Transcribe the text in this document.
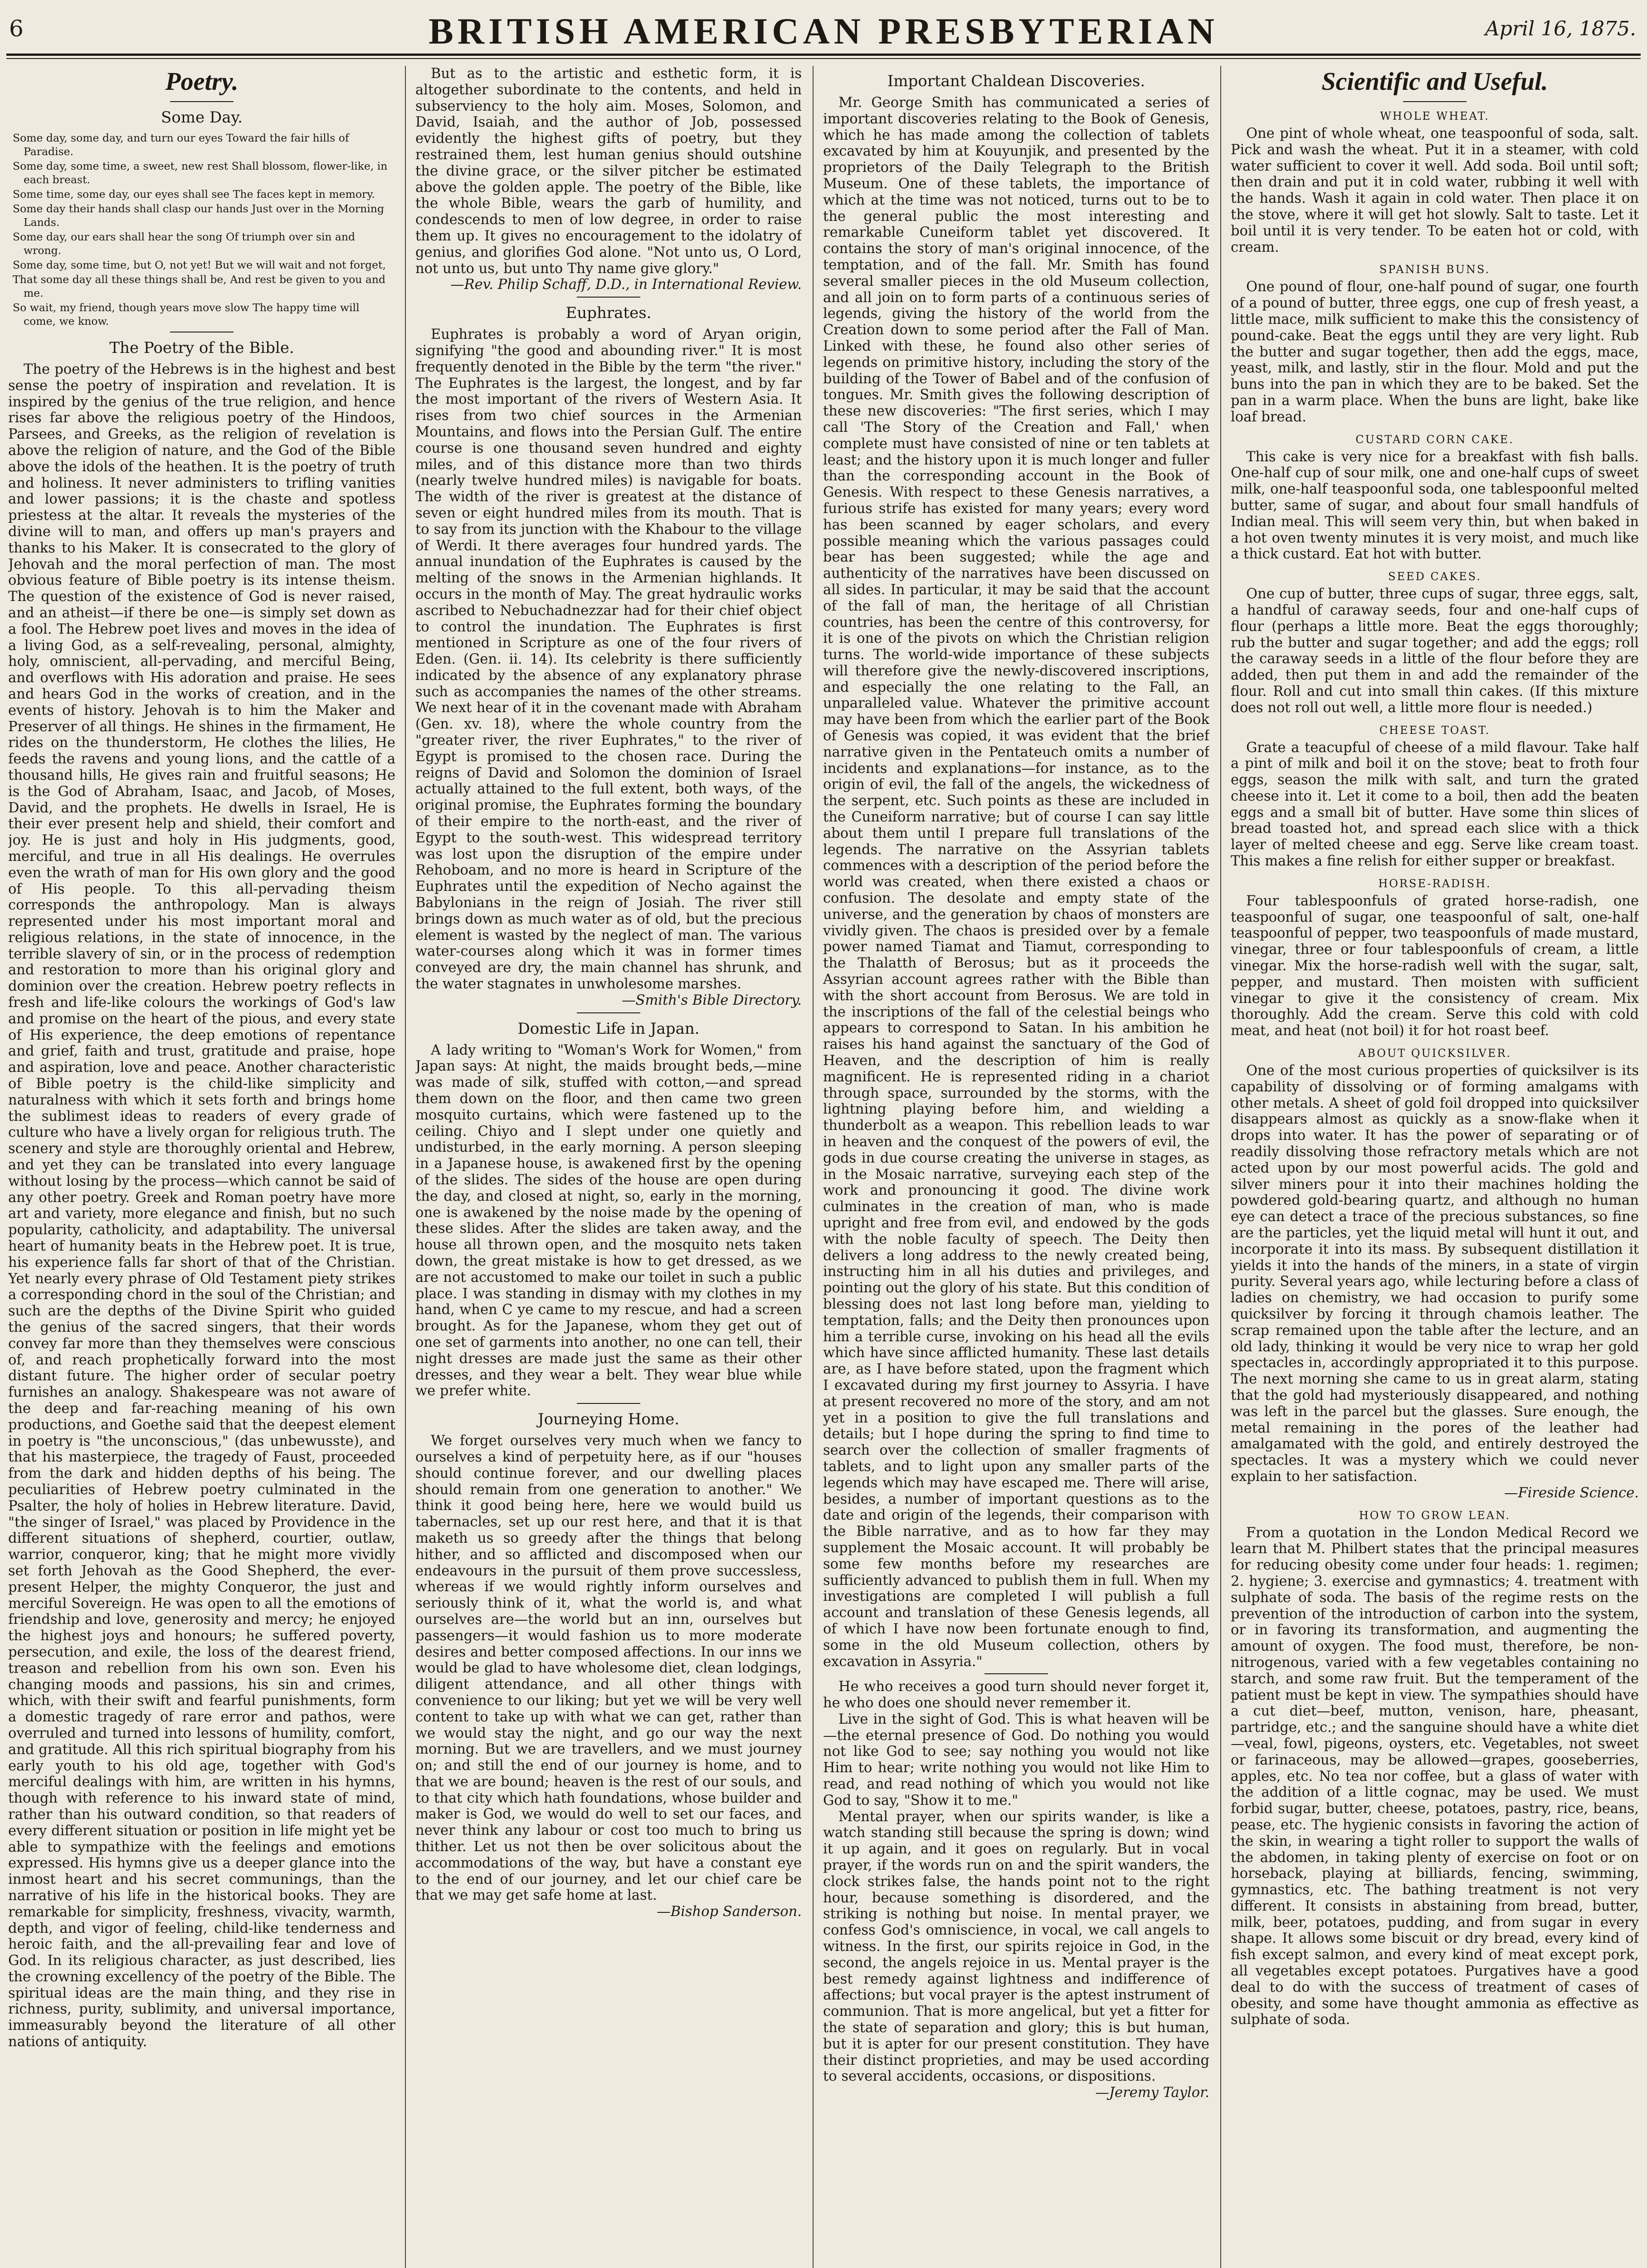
6	BRITISH AMERICAN PRESBYTERIAN	April 16, 1875.
Poetry.
Some Day.
Some day, some day, and turn our eyes Toward the fair hills of Paradise.
Some day, some time, a sweet, new rest Shall blossom, flower-like, in each breast.
Some time, some day, our eyes shall see The faces kept in memory.
Some day their hands shall clasp our hands Just over in the Morning Lands.
Some day, our ears shall hear the song Of triumph over sin and wrong.
Some day, some time, but O, not yet! But we will wait and not forget,
That some day all these things shall be, And rest be given to you and me.
So wait, my friend, though years move slow The happy time will come, we know.
The Poetry of the Bible.

The poetry of the Hebrews is in the highest and best sense the poetry of inspiration and revelation. It is inspired by the genius of the true religion, and hence rises far above the religious poetry of the Hindoos, Parsees, and Greeks, as the religion of revelation is above the religion of nature, and the God of the Bible above the idols of the heathen. It is the poetry of truth and holiness. It never administers to trifling vanities and lower passions; it is the chaste and spotless priestess at the altar. It reveals the mysteries of the divine will to man, and offers up man's prayers and thanks to his Maker. It is consecrated to the glory of Jehovah and the moral perfection of man. The most obvious feature of Bible poetry is its intense theism. The question of the existence of God is never raised, and an atheist—if there be one—is simply set down as a fool. The Hebrew poet lives and moves in the idea of a living God, as a self-revealing, personal, almighty, holy, omniscient, all-pervading, and merciful Being, and overflows with His adoration and praise. He sees and hears God in the works of creation, and in the events of history. Jehovah is to him the Maker and Preserver of all things. He shines in the firmament, He rides on the thunderstorm, He clothes the lilies, He feeds the ravens and young lions, and the cattle of a thousand hills, He gives rain and fruitful seasons; He is the God of Abraham, Isaac, and Jacob, of Moses, David, and the prophets. He dwells in Israel, He is their ever present help and shield, their comfort and joy. He is just and holy in His judgments, good, merciful, and true in all His dealings. He overrules even the wrath of man for His own glory and the good of His people. To this all-pervading theism corresponds the anthropology. Man is always represented under his most important moral and religious relations, in the state of innocence, in the terrible slavery of sin, or in the process of redemption and restoration to more than his original glory and dominion over the creation. Hebrew poetry reflects in fresh and life-like colours the workings of God's law and promise on the heart of the pious, and every state of His experience, the deep emotions of repentance and grief, faith and trust, gratitude and praise, hope and aspiration, love and peace. Another characteristic of Bible poetry is the child-like simplicity and naturalness with which it sets forth and brings home the sublimest ideas to readers of every grade of culture who have a lively organ for religious truth. The scenery and style are thoroughly oriental and Hebrew, and yet they can be translated into every language without losing by the process—which cannot be said of any other poetry. Greek and Roman poetry have more art and variety, more elegance and finish, but no such popularity, catholicity, and adaptability. The universal heart of humanity beats in the Hebrew poet. It is true, his experience falls far short of that of the Christian. Yet nearly every phrase of Old Testament piety strikes a corresponding chord in the soul of the Christian; and such are the depths of the Divine Spirit who guided the genius of the sacred singers, that their words convey far more than they themselves were conscious of, and reach prophetically forward into the most distant future. The higher order of secular poetry furnishes an analogy. Shakespeare was not aware of the deep and far-reaching meaning of his own productions, and Goethe said that the deepest element in poetry is "the unconscious," (das unbewusste), and that his masterpiece, the tragedy of Faust, proceeded from the dark and hidden depths of his being. The peculiarities of Hebrew poetry culminated in the Psalter, the holy of holies in Hebrew literature. David, "the singer of Israel," was placed by Providence in the different situations of shepherd, courtier, outlaw, warrior, conqueror, king; that he might more vividly set forth Jehovah as the Good Shepherd, the ever-present Helper, the mighty Conqueror, the just and merciful Sovereign. He was open to all the emotions of friendship and love, generosity and mercy; he enjoyed the highest joys and honours; he suffered poverty, persecution, and exile, the loss of the dearest friend, treason and rebellion from his own son. Even his changing moods and passions, his sin and crimes, which, with their swift and fearful punishments, form a domestic tragedy of rare error and pathos, were overruled and turned into lessons of humility, comfort, and gratitude. All this rich spiritual biography from his early youth to his old age, together with God's merciful dealings with him, are written in his hymns, though with reference to his inward state of mind, rather than his outward condition, so that readers of every different situation or position in life might yet be able to sympathize with the feelings and emotions expressed. His hymns give us a deeper glance into the inmost heart and his secret communings, than the narrative of his life in the historical books. They are remarkable for simplicity, freshness, vivacity, warmth, depth, and vigor of feeling, child-like tenderness and heroic faith, and the all-prevailing fear and love of God. In its religious character, as just described, lies the crowning excellency of the poetry of the Bible. The spiritual ideas are the main thing, and they rise in richness, purity, sublimity, and universal importance, immeasurably beyond the literature of all other nations of antiquity.

But as to the artistic and esthetic form, it is altogether subordinate to the contents, and held in subserviency to the holy aim. Moses, Solomon, and David, Isaiah, and the author of Job, possessed evidently the highest gifts of poetry, but they restrained them, lest human genius should outshine the divine grace, or the silver pitcher be estimated above the golden apple. The poetry of the Bible, like the whole Bible, wears the garb of humility, and condescends to men of low degree, in order to raise them up. It gives no encouragement to the idolatry of genius, and glorifies God alone. "Not unto us, O Lord, not unto us, but unto Thy name give glory."

—Rev. Philip Schaff, D.D., in International Review.
Euphrates.

Euphrates is probably a word of Aryan origin, signifying "the good and abounding river." It is most frequently denoted in the Bible by the term "the river." The Euphrates is the largest, the longest, and by far the most important of the rivers of Western Asia. It rises from two chief sources in the Armenian Mountains, and flows into the Persian Gulf. The entire course is one thousand seven hundred and eighty miles, and of this distance more than two thirds (nearly twelve hundred miles) is navigable for boats. The width of the river is greatest at the distance of seven or eight hundred miles from its mouth. That is to say from its junction with the Khabour to the village of Werdi. It there averages four hundred yards. The annual inundation of the Euphrates is caused by the melting of the snows in the Armenian highlands. It occurs in the month of May. The great hydraulic works ascribed to Nebuchadnezzar had for their chief object to control the inundation. The Euphrates is first mentioned in Scripture as one of the four rivers of Eden. (Gen. ii. 14). Its celebrity is there sufficiently indicated by the absence of any explanatory phrase such as accompanies the names of the other streams. We next hear of it in the covenant made with Abraham (Gen. xv. 18), where the whole country from the "greater river, the river Euphrates," to the river of Egypt is promised to the chosen race. During the reigns of David and Solomon the dominion of Israel actually attained to the full extent, both ways, of the original promise, the Euphrates forming the boundary of their empire to the north-east, and the river of Egypt to the south-west. This widespread territory was lost upon the disruption of the empire under Rehoboam, and no more is heard in Scripture of the Euphrates until the expedition of Necho against the Babylonians in the reign of Josiah. The river still brings down as much water as of old, but the precious element is wasted by the neglect of man. The various water-courses along which it was in former times conveyed are dry, the main channel has shrunk, and the water stagnates in unwholesome marshes.

—Smith's Bible Directory.
Domestic Life in Japan.

A lady writing to "Woman's Work for Women," from Japan says: At night, the maids brought beds,—mine was made of silk, stuffed with cotton,—and spread them down on the floor, and then came two green mosquito curtains, which were fastened up to the ceiling. Chiyo and I slept under one quietly and undisturbed, in the early morning. A person sleeping in a Japanese house, is awakened first by the opening of the slides. The sides of the house are open during the day, and closed at night, so, early in the morning, one is awakened by the noise made by the opening of these slides. After the slides are taken away, and the house all thrown open, and the mosquito nets taken down, the great mistake is how to get dressed, as we are not accustomed to make our toilet in such a public place. I was standing in dismay with my clothes in my hand, when C ye came to my rescue, and had a screen brought. As for the Japanese, whom they get out of one set of garments into another, no one can tell, their night dresses are made just the same as their other dresses, and they wear a belt. They wear blue while we prefer white.

Journeying Home.

We forget ourselves very much when we fancy to ourselves a kind of perpetuity here, as if our "houses should continue forever, and our dwelling places should remain from one generation to another." We think it good being here, here we would build us tabernacles, set up our rest here, and that it is that maketh us so greedy after the things that belong hither, and so afflicted and discomposed when our endeavours in the pursuit of them prove successless, whereas if we would rightly inform ourselves and seriously think of it, what the world is, and what ourselves are—the world but an inn, ourselves but passengers—it would fashion us to more moderate desires and better composed affections. In our inns we would be glad to have wholesome diet, clean lodgings, diligent attendance, and all other things with convenience to our liking; but yet we will be very well content to take up with what we can get, rather than we would stay the night, and go our way the next morning. But we are travellers, and we must journey on; and still the end of our journey is home, and to that we are bound; heaven is the rest of our souls, and to that city which hath foundations, whose builder and maker is God, we would do well to set our faces, and never think any labour or cost too much to bring us thither. Let us not then be over solicitous about the accommodations of the way, but have a constant eye to the end of our journey, and let our chief care be that we may get safe home at last.

—Bishop Sanderson.
Important Chaldean Discoveries.

Mr. George Smith has communicated a series of important discoveries relating to the Book of Genesis, which he has made among the collection of tablets excavated by him at Kouyunjik, and presented by the proprietors of the Daily Telegraph to the British Museum. One of these tablets, the importance of which at the time was not noticed, turns out to be to the general public the most interesting and remarkable Cuneiform tablet yet discovered. It contains the story of man's original innocence, of the temptation, and of the fall. Mr. Smith has found several smaller pieces in the old Museum collection, and all join on to form parts of a continuous series of legends, giving the history of the world from the Creation down to some period after the Fall of Man. Linked with these, he found also other series of legends on primitive history, including the story of the building of the Tower of Babel and of the confusion of tongues. Mr. Smith gives the following description of these new discoveries: "The first series, which I may call 'The Story of the Creation and Fall,' when complete must have consisted of nine or ten tablets at least; and the history upon it is much longer and fuller than the corresponding account in the Book of Genesis. With respect to these Genesis narratives, a furious strife has existed for many years; every word has been scanned by eager scholars, and every possible meaning which the various passages could bear has been suggested; while the age and authenticity of the narratives have been discussed on all sides. In particular, it may be said that the account of the fall of man, the heritage of all Christian countries, has been the centre of this controversy, for it is one of the pivots on which the Christian religion turns. The world-wide importance of these subjects will therefore give the newly-discovered inscriptions, and especially the one relating to the Fall, an unparalleled value. Whatever the primitive account may have been from which the earlier part of the Book of Genesis was copied, it was evident that the brief narrative given in the Pentateuch omits a number of incidents and explanations—for instance, as to the origin of evil, the fall of the angels, the wickedness of the serpent, etc. Such points as these are included in the Cuneiform narrative; but of course I can say little about them until I prepare full translations of the legends. The narrative on the Assyrian tablets commences with a description of the period before the world was created, when there existed a chaos or confusion. The desolate and empty state of the universe, and the generation by chaos of monsters are vividly given. The chaos is presided over by a female power named Tiamat and Tiamut, corresponding to the Thalatth of Berosus; but as it proceeds the Assyrian account agrees rather with the Bible than with the short account from Berosus. We are told in the inscriptions of the fall of the celestial beings who appears to correspond to Satan. In his ambition he raises his hand against the sanctuary of the God of Heaven, and the description of him is really magnificent. He is represented riding in a chariot through space, surrounded by the storms, with the lightning playing before him, and wielding a thunderbolt as a weapon. This rebellion leads to war in heaven and the conquest of the powers of evil, the gods in due course creating the universe in stages, as in the Mosaic narrative, surveying each step of the work and pronouncing it good. The divine work culminates in the creation of man, who is made upright and free from evil, and endowed by the gods with the noble faculty of speech. The Deity then delivers a long address to the newly created being, instructing him in all his duties and privileges, and pointing out the glory of his state. But this condition of blessing does not last long before man, yielding to temptation, falls; and the Deity then pronounces upon him a terrible curse, invoking on his head all the evils which have since afflicted humanity. These last details are, as I have before stated, upon the fragment which I excavated during my first journey to Assyria. I have at present recovered no more of the story, and am not yet in a position to give the full translations and details; but I hope during the spring to find time to search over the collection of smaller fragments of tablets, and to light upon any smaller parts of the legends which may have escaped me. There will arise, besides, a number of important questions as to the date and origin of the legends, their comparison with the Bible narrative, and as to how far they may supplement the Mosaic account. It will probably be some few months before my researches are sufficiently advanced to publish them in full. When my investigations are completed I will publish a full account and translation of these Genesis legends, all of which I have now been fortunate enough to find, some in the old Museum collection, others by excavation in Assyria."

He who receives a good turn should never forget it, he who does one should never remember it.

Live in the sight of God. This is what heaven will be—the eternal presence of God. Do nothing you would not like God to see; say nothing you would not like Him to hear; write nothing you would not like Him to read, and read nothing of which you would not like God to say, "Show it to me."

Mental prayer, when our spirits wander, is like a watch standing still because the spring is down; wind it up again, and it goes on regularly. But in vocal prayer, if the words run on and the spirit wanders, the clock strikes false, the hands point not to the right hour, because something is disordered, and the striking is nothing but noise. In mental prayer, we confess God's omniscience, in vocal, we call angels to witness. In the first, our spirits rejoice in God, in the second, the angels rejoice in us. Mental prayer is the best remedy against lightness and indifference of affections; but vocal prayer is the aptest instrument of communion. That is more angelical, but yet a fitter for the state of separation and glory; this is but human, but it is apter for our present constitution. They have their distinct proprieties, and may be used according to several accidents, occasions, or dispositions.

—Jeremy Taylor.
Scientific and Useful.
WHOLE WHEAT.

One pint of whole wheat, one teaspoonful of soda, salt. Pick and wash the wheat. Put it in a steamer, with cold water sufficient to cover it well. Add soda. Boil until soft; then drain and put it in cold water, rubbing it well with the hands. Wash it again in cold water. Then place it on the stove, where it will get hot slowly. Salt to taste. Let it boil until it is very tender. To be eaten hot or cold, with cream.

SPANISH BUNS.

One pound of flour, one-half pound of sugar, one fourth of a pound of butter, three eggs, one cup of fresh yeast, a little mace, milk sufficient to make this the consistency of pound-cake. Beat the eggs until they are very light. Rub the butter and sugar together, then add the eggs, mace, yeast, milk, and lastly, stir in the flour. Mold and put the buns into the pan in which they are to be baked. Set the pan in a warm place. When the buns are light, bake like loaf bread.

CUSTARD CORN CAKE.

This cake is very nice for a breakfast with fish balls. One-half cup of sour milk, one and one-half cups of sweet milk, one-half teaspoonful soda, one tablespoonful melted butter, same of sugar, and about four small handfuls of Indian meal. This will seem very thin, but when baked in a hot oven twenty minutes it is very moist, and much like a thick custard. Eat hot with butter.

SEED CAKES.

One cup of butter, three cups of sugar, three eggs, salt, a handful of caraway seeds, four and one-half cups of flour (perhaps a little more. Beat the eggs thoroughly; rub the butter and sugar together; and add the eggs; roll the caraway seeds in a little of the flour before they are added, then put them in and add the remainder of the flour. Roll and cut into small thin cakes. (If this mixture does not roll out well, a little more flour is needed.)

CHEESE TOAST.

Grate a teacupful of cheese of a mild flavour. Take half a pint of milk and boil it on the stove; beat to froth four eggs, season the milk with salt, and turn the grated cheese into it. Let it come to a boil, then add the beaten eggs and a small bit of butter. Have some thin slices of bread toasted hot, and spread each slice with a thick layer of melted cheese and egg. Serve like cream toast. This makes a fine relish for either supper or breakfast.

HORSE-RADISH.

Four tablespoonfuls of grated horse-radish, one teaspoonful of sugar, one teaspoonful of salt, one-half teaspoonful of pepper, two teaspoonfuls of made mustard, vinegar, three or four tablespoonfuls of cream, a little vinegar. Mix the horse-radish well with the sugar, salt, pepper, and mustard. Then moisten with sufficient vinegar to give it the consistency of cream. Mix thoroughly. Add the cream. Serve this cold with cold meat, and heat (not boil) it for hot roast beef.

ABOUT QUICKSILVER.

One of the most curious properties of quicksilver is its capability of dissolving or of forming amalgams with other metals. A sheet of gold foil dropped into quicksilver disappears almost as quickly as a snow-flake when it drops into water. It has the power of separating or of readily dissolving those refractory metals which are not acted upon by our most powerful acids. The gold and silver miners pour it into their machines holding the powdered gold-bearing quartz, and although no human eye can detect a trace of the precious substances, so fine are the particles, yet the liquid metal will hunt it out, and incorporate it into its mass. By subsequent distillation it yields it into the hands of the miners, in a state of virgin purity. Several years ago, while lecturing before a class of ladies on chemistry, we had occasion to purify some quicksilver by forcing it through chamois leather. The scrap remained upon the table after the lecture, and an old lady, thinking it would be very nice to wrap her gold spectacles in, accordingly appropriated it to this purpose. The next morning she came to us in great alarm, stating that the gold had mysteriously disappeared, and nothing was left in the parcel but the glasses. Sure enough, the metal remaining in the pores of the leather had amalgamated with the gold, and entirely destroyed the spectacles. It was a mystery which we could never explain to her satisfaction.

—Fireside Science.
HOW TO GROW LEAN.

From a quotation in the London Medical Record we learn that M. Philbert states that the principal measures for reducing obesity come under four heads: 1. regimen; 2. hygiene; 3. exercise and gymnastics; 4. treatment with sulphate of soda. The basis of the regime rests on the prevention of the introduction of carbon into the system, or in favoring its transformation, and augmenting the amount of oxygen. The food must, therefore, be non-nitrogenous, varied with a few vegetables containing no starch, and some raw fruit. But the temperament of the patient must be kept in view. The sympathies should have a cut diet—beef, mutton, venison, hare, pheasant, partridge, etc.; and the sanguine should have a white diet—veal, fowl, pigeons, oysters, etc. Vegetables, not sweet or farinaceous, may be allowed—grapes, gooseberries, apples, etc. No tea nor coffee, but a glass of water with the addition of a little cognac, may be used. We must forbid sugar, butter, cheese, potatoes, pastry, rice, beans, pease, etc. The hygienic consists in favoring the action of the skin, in wearing a tight roller to support the walls of the abdomen, in taking plenty of exercise on foot or on horseback, playing at billiards, fencing, swimming, gymnastics, etc. The bathing treatment is not very different. It consists in abstaining from bread, butter, milk, beer, potatoes, pudding, and from sugar in every shape. It allows some biscuit or dry bread, every kind of fish except salmon, and every kind of meat except pork, all vegetables except potatoes. Purgatives have a good deal to do with the success of treatment of cases of obesity, and some have thought ammonia as effective as sulphate of soda.
